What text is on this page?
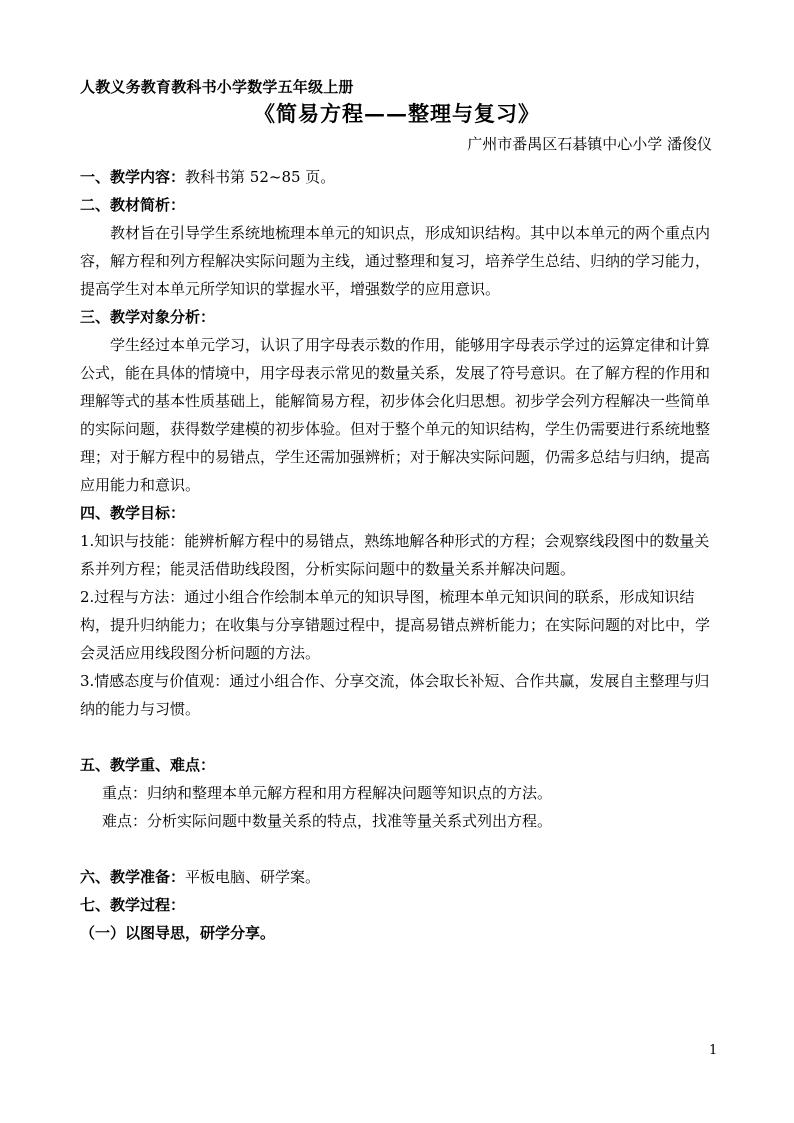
人教义务教育教科书小学数学五年级上册
《简易方程——整理与复习》
广州市番禺区石碁镇中心小学 潘俊仪

一、教学内容：教科书第 52~85 页。

二、教材简析：

教材旨在引导学生系统地梳理本单元的知识点，形成知识结构。其中以本单元的两个重点内容，解方程和列方程解决实际问题为主线，通过整理和复习，培养学生总结、归纳的学习能力，提高学生对本单元所学知识的掌握水平，增强数学的应用意识。

三、教学对象分析：

学生经过本单元学习，认识了用字母表示数的作用，能够用字母表示学过的运算定律和计算公式，能在具体的情境中，用字母表示常见的数量关系，发展了符号意识。在了解方程的作用和理解等式的基本性质基础上，能解简易方程，初步体会化归思想。初步学会列方程解决一些简单的实际问题，获得数学建模的初步体验。但对于整个单元的知识结构，学生仍需要进行系统地整理；对于解方程中的易错点，学生还需加强辨析；对于解决实际问题，仍需多总结与归纳，提高应用能力和意识。

四、教学目标：

1.知识与技能：能辨析解方程中的易错点，熟练地解各种形式的方程；会观察线段图中的数量关系并列方程；能灵活借助线段图，分析实际问题中的数量关系并解决问题。

2.过程与方法：通过小组合作绘制本单元的知识导图，梳理本单元知识间的联系，形成知识结构，提升归纳能力；在收集与分享错题过程中，提高易错点辨析能力；在实际问题的对比中，学会灵活应用线段图分析问题的方法。

3.情感态度与价值观：通过小组合作、分享交流，体会取长补短、合作共赢，发展自主整理与归纳的能力与习惯。

五、教学重、难点：

重点：归纳和整理本单元解方程和用方程解决问题等知识点的方法。

难点：分析实际问题中数量关系的特点，找准等量关系式列出方程。

六、教学准备：平板电脑、研学案。

七、教学过程：

（一）以图导思，研学分享。

1
